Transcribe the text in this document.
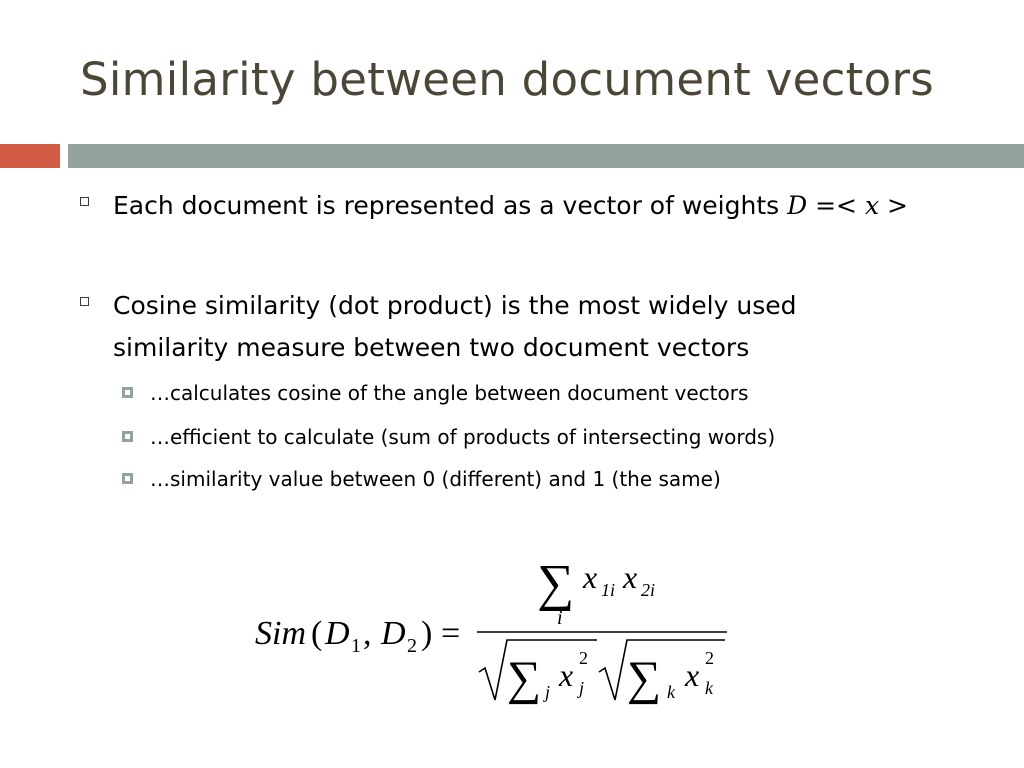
Similarity between document vectors
Each document is represented as a vector of weights D =< x >
Cosine similarity (dot product) is the most widely used
similarity measure between two document vectors
…calculates cosine of the angle between document vectors
…efficient to calculate (sum of products of intersecting words)
…similarity value between 0 (different) and 1 (the same)
Sim ( D 1 , D 2 ) =
∑
i
x 1i x 2i
∑ j x 2
j ∑ k x 2
k
